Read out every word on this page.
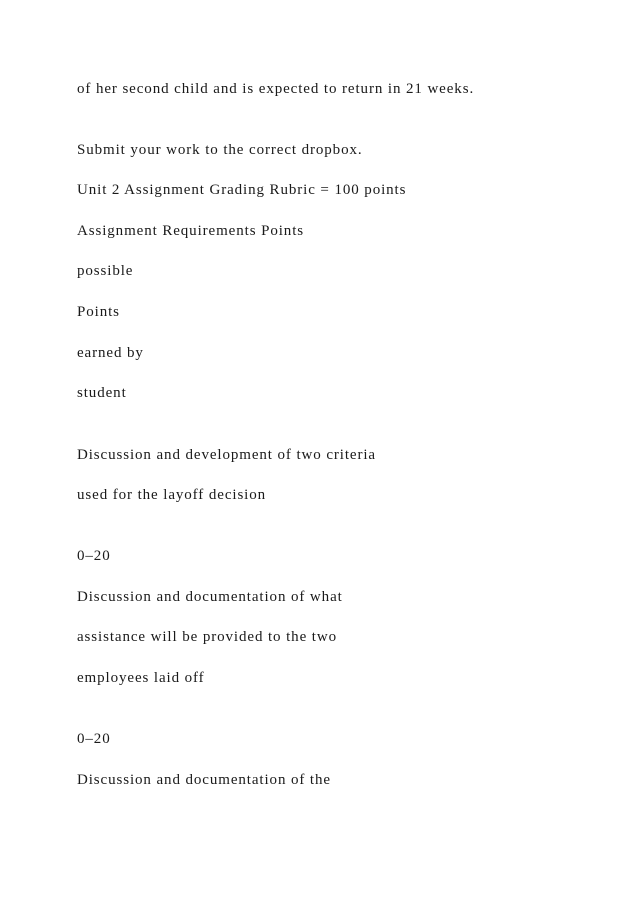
of her second child and is expected to return in 21 weeks.

Submit your work to the correct dropbox.

Unit 2 Assignment Grading Rubric = 100 points

Assignment Requirements Points

possible

Points

earned by

student

Discussion and development of two criteria

used for the layoff decision

0–20

Discussion and documentation of what

assistance will be provided to the two

employees laid off

0–20

Discussion and documentation of the
